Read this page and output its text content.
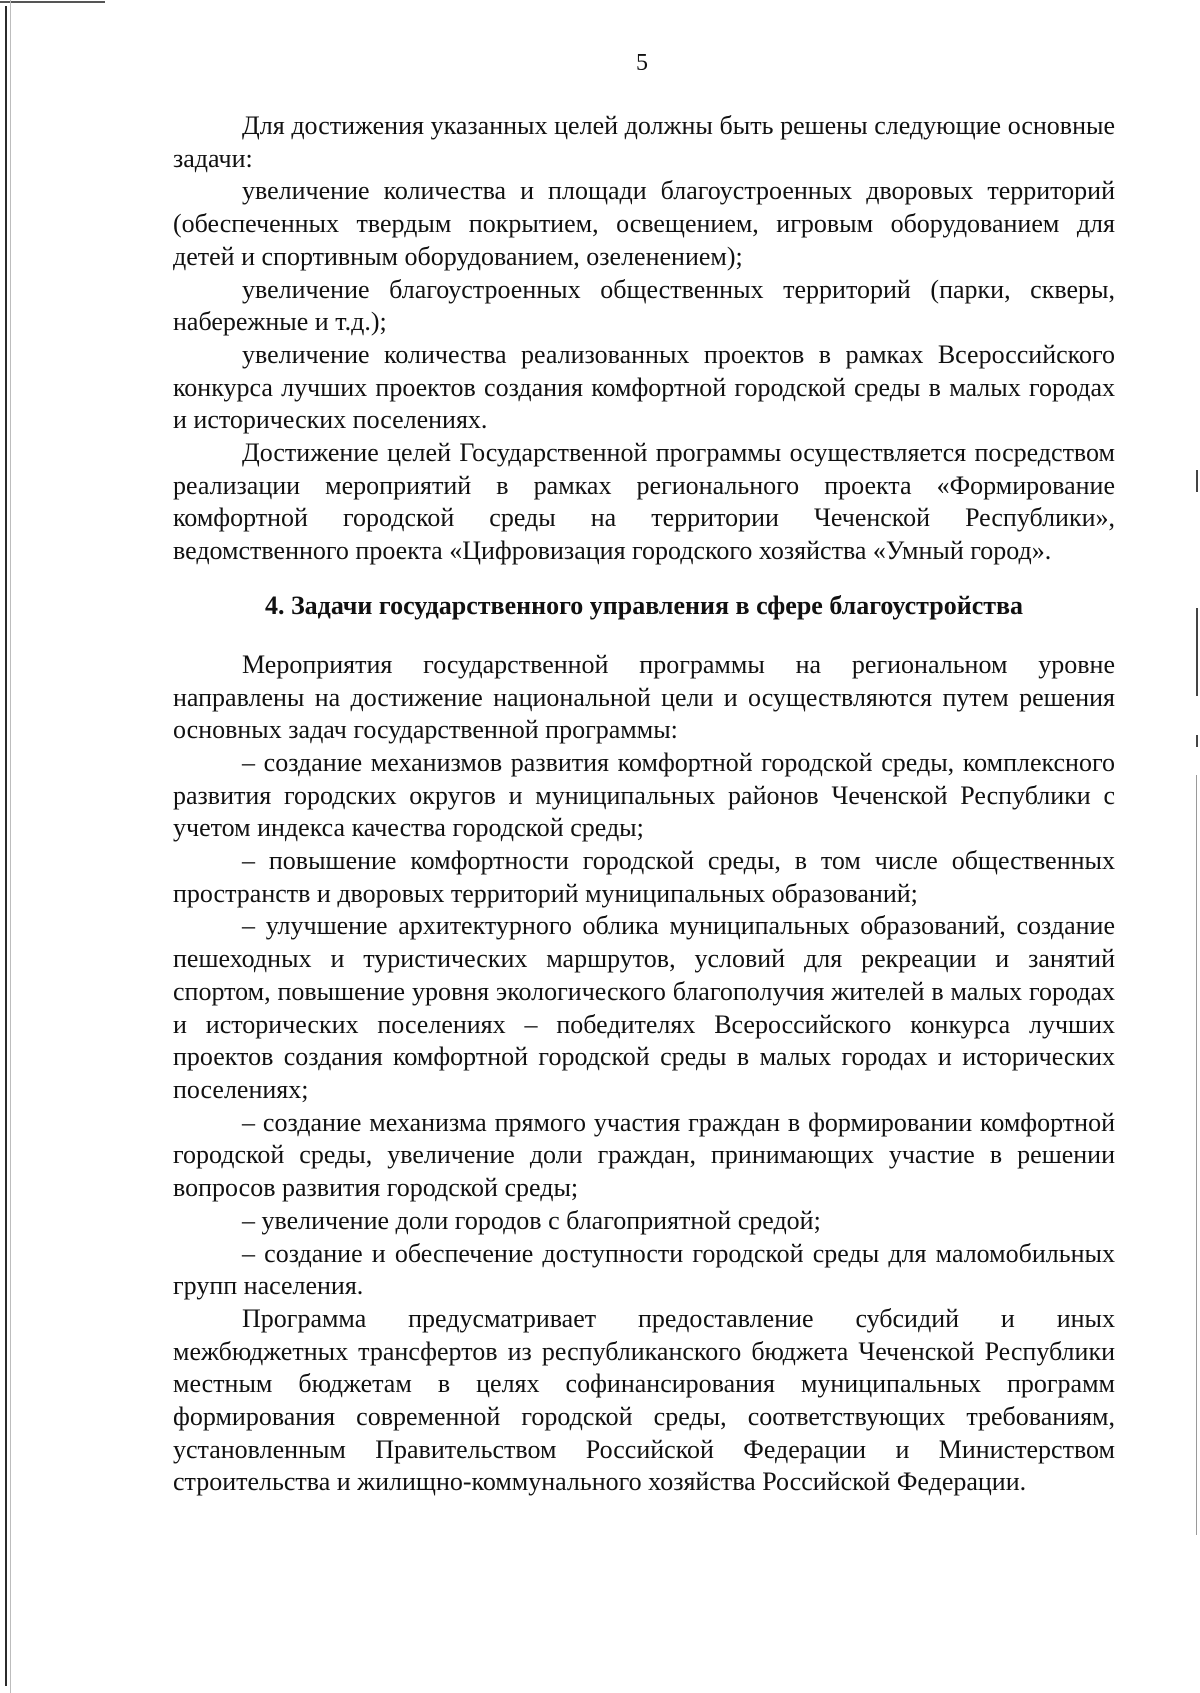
5

Для достижения указанных целей должны быть решены следующие основные задачи:

увеличение количества и площади благоустроенных дворовых территорий (обеспеченных твердым покрытием, освещением, игровым оборудованием для детей и спортивным оборудованием, озеленением);

увеличение благоустроенных общественных территорий (парки, скверы, набережные и т.д.);

увеличение количества реализованных проектов в рамках Всероссийского конкурса лучших проектов создания комфортной городской среды в малых городах и исторических поселениях.

Достижение целей Государственной программы осуществляется посредством реализации мероприятий в рамках регионального проекта «Формирование комфортной городской среды на территории Чеченской Республики», ведомственного проекта «Цифровизация городского хозяйства «Умный город».

4. Задачи государственного управления в сфере благоустройства

Мероприятия государственной программы на региональном уровне направлены на достижение национальной цели и осуществляются путем решения основных задач государственной программы:

– создание механизмов развития комфортной городской среды, комплексного развития городских округов и муниципальных районов Чеченской Республики с учетом индекса качества городской среды;

– повышение комфортности городской среды, в том числе общественных пространств и дворовых территорий муниципальных образований;

– улучшение архитектурного облика муниципальных образований, создание пешеходных и туристических маршрутов, условий для рекреации и занятий спортом, повышение уровня экологического благополучия жителей в малых городах и исторических поселениях – победителях Всероссийского конкурса лучших проектов создания комфортной городской среды в малых городах и исторических поселениях;

– создание механизма прямого участия граждан в формировании комфортной городской среды, увеличение доли граждан, принимающих участие в решении вопросов развития городской среды;

– увеличение доли городов с благоприятной средой;

– создание и обеспечение доступности городской среды для маломобильных групп населения.

Программа предусматривает предоставление субсидий и иных межбюджетных трансфертов из республиканского бюджета Чеченской Республики местным бюджетам в целях софинансирования муниципальных программ формирования современной городской среды, соответствующих требованиям, установленным Правительством Российской Федерации и Министерством строительства и жилищно-коммунального хозяйства Российской Федерации.
